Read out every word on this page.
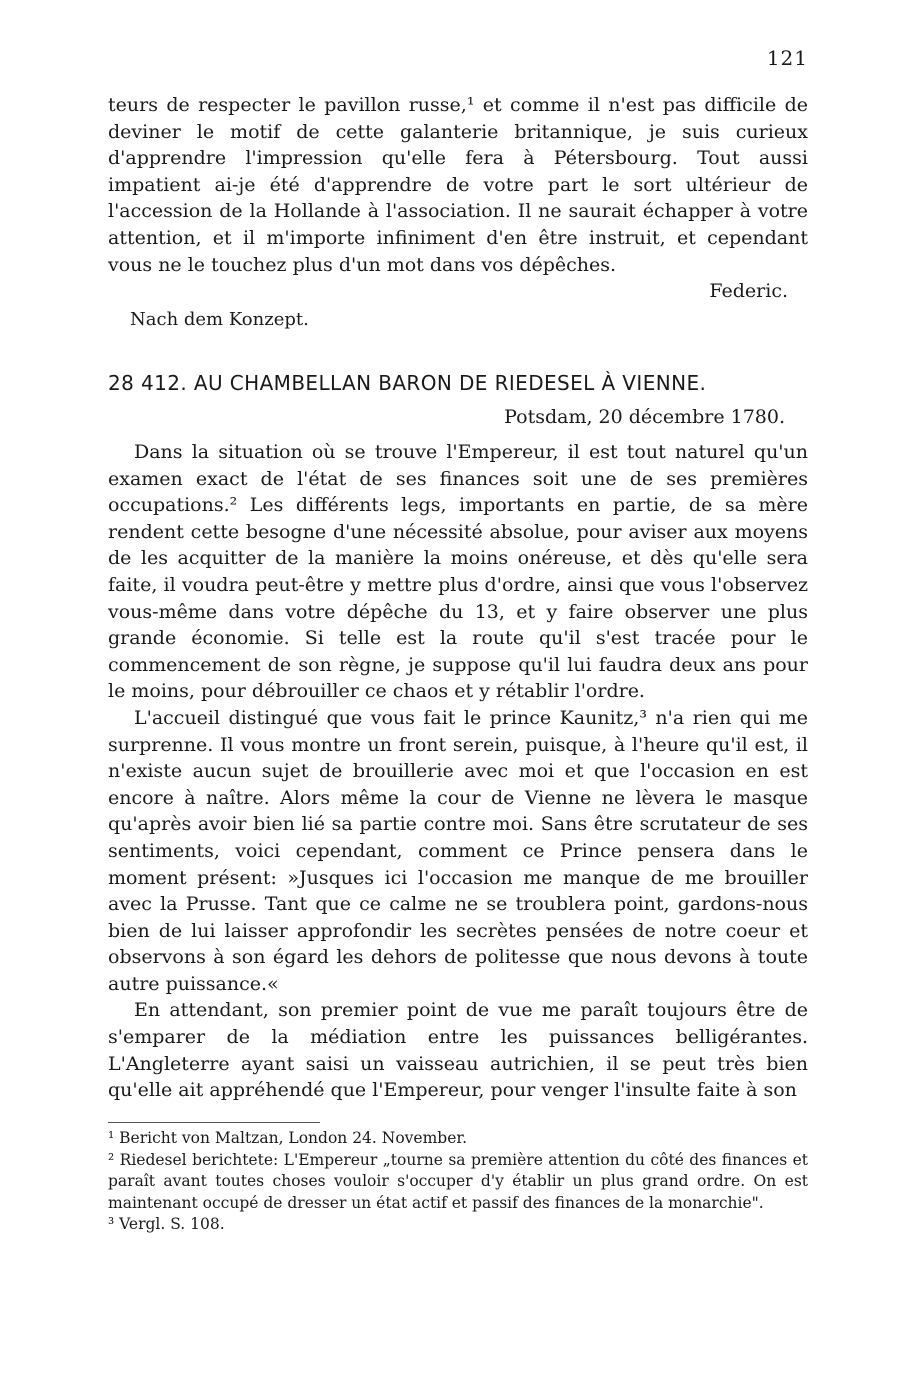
121

teurs de respecter le pavillon russe,¹ et comme il n'est pas difficile de deviner le motif de cette galanterie britannique, je suis curieux d'apprendre l'impression qu'elle fera à Pétersbourg. Tout aussi impatient ai-je été d'apprendre de votre part le sort ultérieur de l'accession de la Hollande à l'association. Il ne saurait échapper à votre attention, et il m'importe infiniment d'en être instruit, et cependant vous ne le touchez plus d'un mot dans vos dépêches.

Federic.

Nach dem Konzept.
28 412. AU CHAMBELLAN BARON DE RIEDESEL À VIENNE.
Potsdam, 20 décembre 1780.

Dans la situation où se trouve l'Empereur, il est tout naturel qu'un examen exact de l'état de ses finances soit une de ses premières occupations.² Les différents legs, importants en partie, de sa mère rendent cette besogne d'une nécessité absolue, pour aviser aux moyens de les acquitter de la manière la moins onéreuse, et dès qu'elle sera faite, il voudra peut-être y mettre plus d'ordre, ainsi que vous l'observez vous-même dans votre dépêche du 13, et y faire observer une plus grande économie. Si telle est la route qu'il s'est tracée pour le commencement de son règne, je suppose qu'il lui faudra deux ans pour le moins, pour débrouiller ce chaos et y rétablir l'ordre.

L'accueil distingué que vous fait le prince Kaunitz,³ n'a rien qui me surprenne. Il vous montre un front serein, puisque, à l'heure qu'il est, il n'existe aucun sujet de brouillerie avec moi et que l'occasion en est encore à naître. Alors même la cour de Vienne ne lèvera le masque qu'après avoir bien lié sa partie contre moi. Sans être scrutateur de ses sentiments, voici cependant, comment ce Prince pensera dans le moment présent: »Jusques ici l'occasion me manque de me brouiller avec la Prusse. Tant que ce calme ne se troublera point, gardons-nous bien de lui laisser approfondir les secrètes pensées de notre coeur et observons à son égard les dehors de politesse que nous devons à toute autre puissance.«

En attendant, son premier point de vue me paraît toujours être de s'emparer de la médiation entre les puissances belligérantes. L'Angleterre ayant saisi un vaisseau autrichien, il se peut très bien qu'elle ait appréhendé que l'Empereur, pour venger l'insulte faite à son

¹ Bericht von Maltzan, London 24. November.

² Riedesel berichtete: L'Empereur „tourne sa première attention du côté des finances et paraît avant toutes choses vouloir s'occuper d'y établir un plus grand ordre. On est maintenant occupé de dresser un état actif et passif des finances de la monarchie".

³ Vergl. S. 108.
